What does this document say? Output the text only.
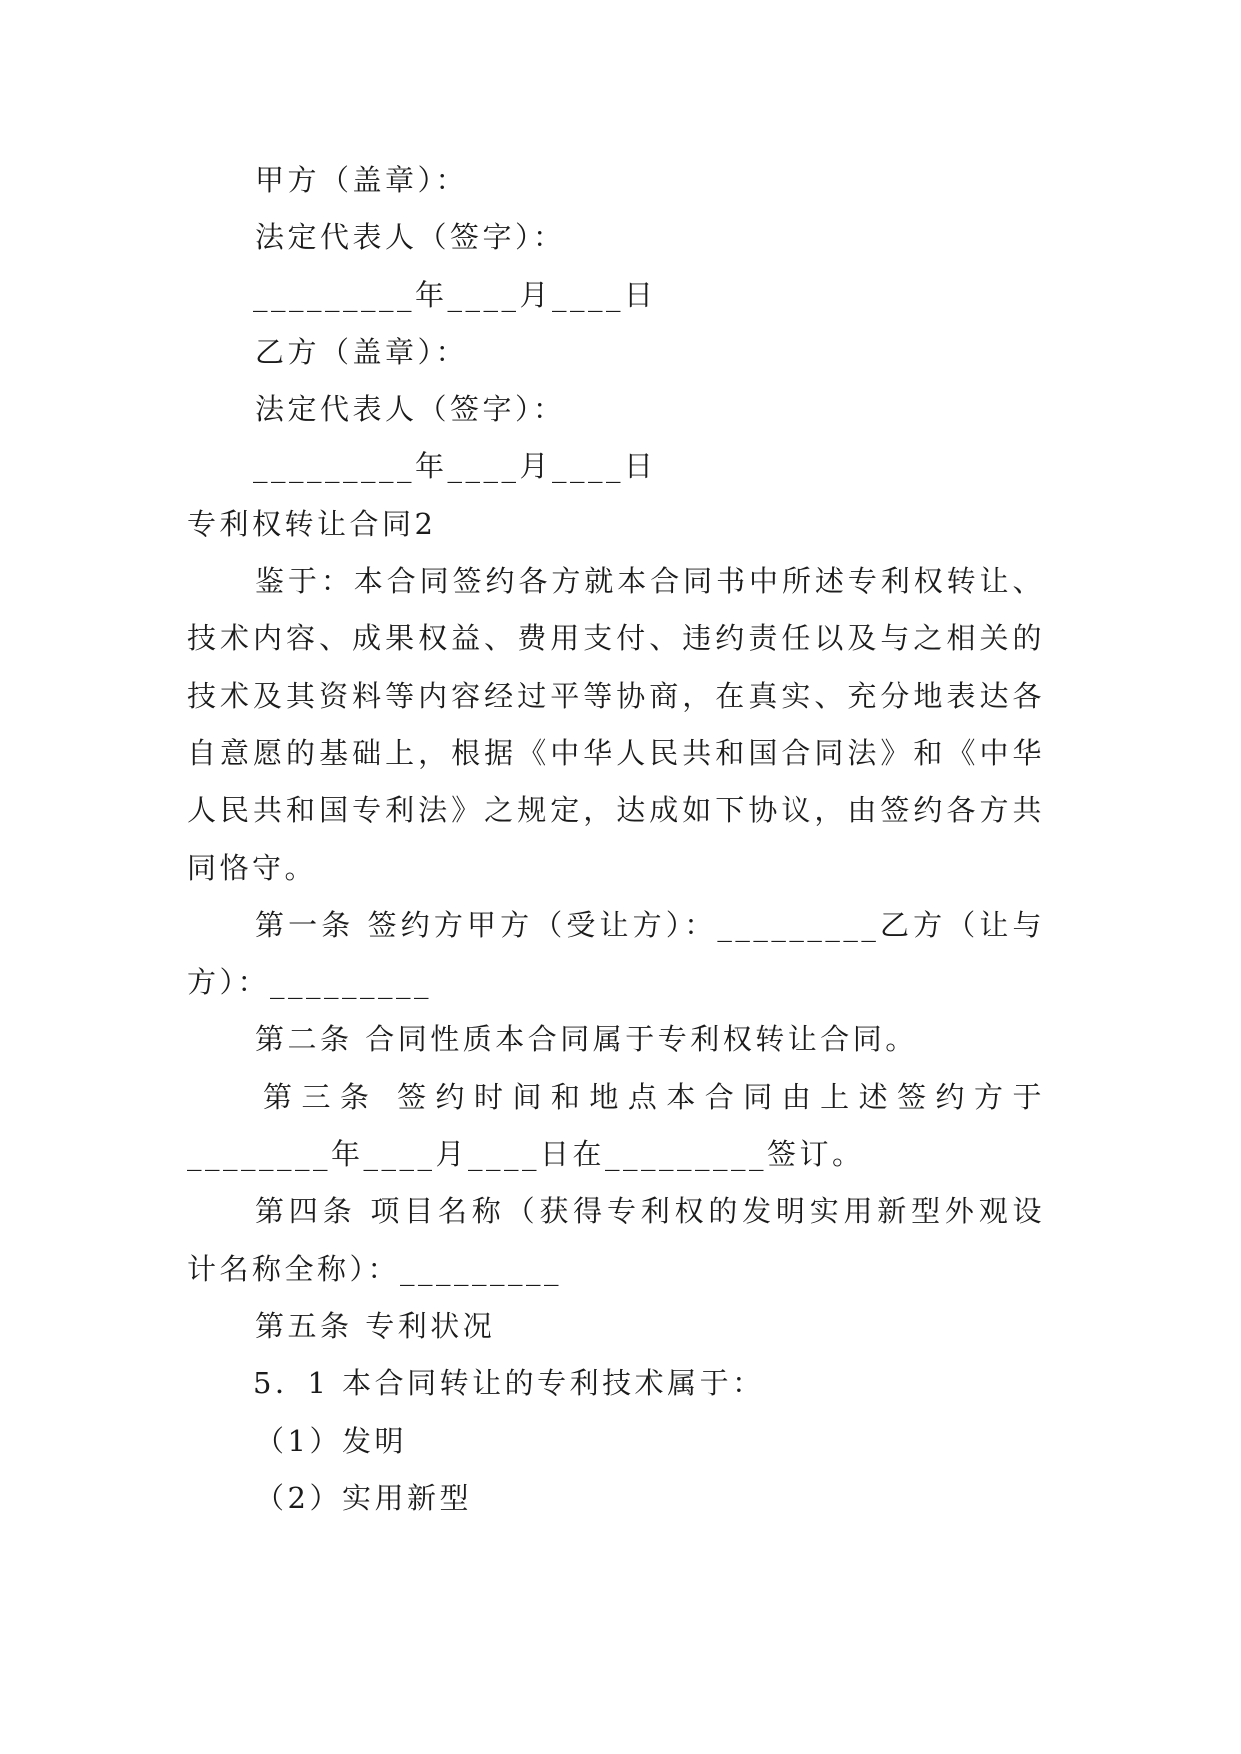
甲方（盖章）：
法定代表人（签字）：
_________年____月____日
乙方（盖章）：
法定代表人（签字）：
_________年____月____日
专利权转让合同2
鉴于：本合同签约各方就本合同书中所述专利权转让、
技术内容、成果权益、费用支付、违约责任以及与之相关的
技术及其资料等内容经过平等协商，在真实、充分地表达各
自意愿的基础上，根据《中华人民共和国合同法》和《中华
人民共和国专利法》之规定，达成如下协议，由签约各方共
同恪守。
第一条 签约方甲方（受让方）：_________乙方（让与
方）：_________
第二条 合同性质本合同属于专利权转让合同。
第三条 签约时间和地点本合同由上述签约方于
________年____月____日在_________签订。
第四条 项目名称（获得专利权的发明实用新型外观设
计名称全称）：_________
第五条 专利状况
5．1 本合同转让的专利技术属于：
（1）发明
（2）实用新型
